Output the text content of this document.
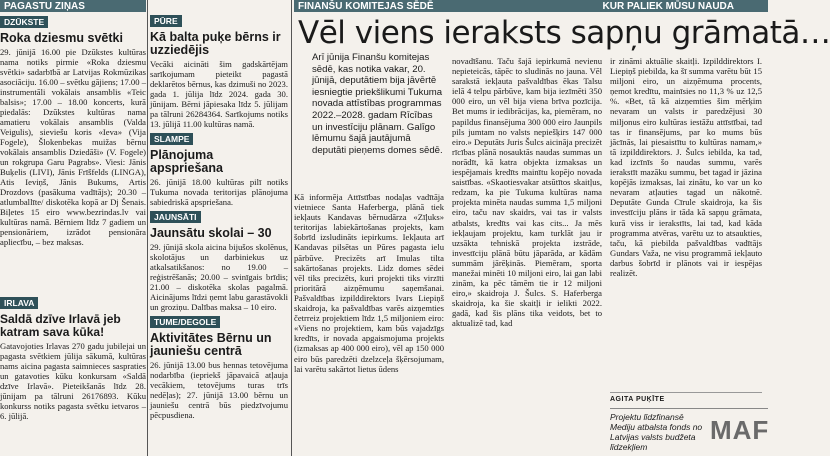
PAGASTU ZIŅAS
DZŪKSTE
Roka dziesmu svētki
29. jūnijā 16.00 pie Dzūkstes kultūras nama notiks pirmie «Roka dziesmu svētki» sadarbībā ar Latvijas Rokmūzikas asociāciju. 16.00 – svētku gājiens; 17.00 – instrumentāli vokālais ansamblis «Teic balsis»; 17.00 – 18.00 koncerts, kurā piedalās: Dzūkstes kultūras nama amatieru vokālais ansamblis (Valda Veigulis), sieviešu koris «Ieva» (Vija Fogele), Šlokenbekas muižas bērnu vokālais ansamblis Dziedāši» (V. Fogele) un rokgrupa Garu Pagrabs». Viesi: Jānis Buķelis (LIVI), Jānis Frīšfelds (LINGA), Atis Ieviņš, Jānis Bukums, Artis Drozdovs (pasākuma vadītājs); 20.30 – atlumballīte/ diskotēka kopā ar Dj Šenais. Biļetes 15 eiro www.bezrindas.lv vai kultūras namā. Bērniem līdz 7 gadiem un pensionāriem, izrādot pensionāra apliecību, – bez maksas.
IRLAVA
Saldā dzīve Irlavā jeb katram sava kūka!
Gatavojoties Irlavas 270 gadu jubilejai un pagasta svētkiem jūlija sākumā, kultūras nams aicina pagasta saimnieces saspraties un gatavoties kūku konkursam «Saldā dzīve Irlavā». Pieteikšanās līdz 28. jūnijam pa tālruni 26176893. Kūku konkurss notiks pagasta svētku ietvaros – 6. jūlijā.
PŪRE
Kā balta puķe bērns ir uzziedējis
Vecāki aicināti šim gadskārtējam sarīkojumam pieteikt pagastā deklarētos bērnus, kas dzimuši no 2023. gada 1. jūlija līdz 2024. gada 30. jūnijam. Bērni jāpiesaka līdz 5. jūlijam pa tālruni 26284364. Sarīkojums notiks 13. jūlijā 11.00 kultūras namā.
SLAMPE
Plānojuma apspriešana
26. jūnijā 18.00 kultūras pilī notiks Tukuma novada teritorijas plānojuma sabiedriskā apspriešana.
JAUNSĀTI
Jaunsātu skolai – 30
29. jūnijā skola aicina bijušos skolēnus, skolotājus un darbiniekus uz atkalsatikšanos: no 19.00 – reģistrēšanās; 20.00 – svinīgais brīdis; 21.00 – diskotēka skolas pagalmā. Aicinājums līdzi ņemt labu garastāvokli un groziņu. Dalības maksa – 10 eiro.
TUME/DEGOLE
Aktivitātes Bērnu un jauniešu centrā
26. jūnijā 13.00 bus hennas tetovējuma nodarbība (iepriekš jāpavaicā atļauja vecākiem, tetovējums turas trīs nedēļas); 27. jūnijā 13.00 bērnu un jauniešu centrā būs piedzīvojumu pēcpusdiena.
FINANŠU KOMITEJAS SĒDĒ	KUR PALIEK MŪSU NAUDA
Vēl viens ieraksts sapņu grāmatā…
Arī jūnija Finanšu komitejas sēdē, kas notika vakar, 20. jūnijā, deputātiem bija jāvērtē iesniegtie priekšlikumi Tukuma novada attīstības programmas 2022.–2028. gadam Rīcības un investīciju plānam. Galīgo lēmumu šajā jautājumā deputāti pieņems domes sēdē.
Kā informēja Attīstības nodaļas vadītāja vietniece Santa Haferberga, plānā tiek iekļauts Kandavas bērnudārza «Zīļuks» teritorijas labiekārtošanas projekts, kam šobrīd izsludināts iepirkums. Iekļauta arī Kandavas pilsētas un Pūres pagasta ielu pārbūve. Precizēts arī Imulas tilta sakārtošanas projekts. Lidz domes sēdei vēl tiks precizēts, kuri projekti tiks virzīti prioritārā aizņēmumu saņemšanai. Pašvaldības izpilddirektors Ivars Liepiņš skaidroja, ka pašvaldības varēs aizņemties četrreiz projektiem līdz 1,5 miljoniem eiro: «Viens no projektiem, kam būs vajadzīgs kredīts, ir novada apgaismojuma projekts (izmaksas ap 400 000 eiro), vēl ap 150 000 eiro būs paredzēti dzelzceļa šķērsojumam, lai varētu sakārtot lietus ūdens
novadīšanu. Taču šajā iepirkumā nevienu nepieteicās, tāpēc to sludinās no jauna. Vēl sarakstā iekļauta pašvaldības ēkas Talsu ielā 4 telpu pārbūve, kam bija iezīmēti 350 000 eiro, un vēl bija viena brīva pozīcija. Bet mums ir iedibrācijas, ka, piemēram, no papildus finansējuma 300 000 eiro Jaunpils pils jumtam no valsts nepiešķirs 147 000 eiro.» Deputāts Juris Šulcs aicināja precizēt rīcības plānā nosauktās naudas summas un norādīt, kā katra objekta izmaksas un iespējamais kredīts mainītu kopējo novada saistības. «Skaotiesvakar atsūtītos skaitļus, redzam, ka pie Tukuma kultūras nama projekta minēta naudas summa 1,5 miljoni eiro, taču nav skaidrs, vai tas ir valsts atbalsts, kredīts vai kas cits... Ja mēs iekļaujam projektu, kam turklāt jau ir uzsākta tehniskā projekta izstrāde, investīciju plānā būtu jāparāda, ar kādām summām jārēķinās. Piemēram, sporta manežai minēti 10 miljoni eiro, lai gan labi zinām, ka pēc tāmēm tie ir 12 miljoni eiro,» skaidroja J. Šulcs. S. Haferberga skaidroja, ka šie skaitļi ir ielikti 2022. gadā, kad šis plāns tika veidots, bet to aktualizē tad, kad
ir zināmi aktuālie skaitļi. Izpilddirektors I. Liepiņš piebilda, ka šī summa varētu būt 15 miljoni eiro, un aizņēmuma procents, ņemot kredītu, mainīsies no 11,3 % uz 12,5 %. «Bet, tā kā aizņemties šim mērķim nevaram un valsts ir paredzējusi 30 miljonus eiro kultūras iestāžu attīstībai, tad tas ir finansējums, par ko mums būs jācīnās, lai piesaistītu to kultūras namam,» tā izpilddirektors. J. Šulcs iebilda, ka tad, kad izcīnīs šo naudas summu, varēs ierakstīt mazāku summu, bet tagad ir jāzina kopējās izmaksas, lai zinātu, ko var un ko nevaram atļauties tagad un nākotnē. Deputāte Gunda Cīrule skaidroja, ka šis investīciju plāns ir tāda kā sapņu grāmata, kurā viss ir ierakstīts, lai tad, kad kāda programma atvēras, varētu uz to atsaukties, taču, kā piebilda pašvaldības vadītājs Gundars Važa, ne visu programmā iekļauto darbus šobrīd ir plānots vai ir iespējas realizēt.
AGITA PUĶĪTE
Projektu līdzfinansē Mediju atbalsta fonds no Latvijas valsts budžeta līdzekļiem
MAF
